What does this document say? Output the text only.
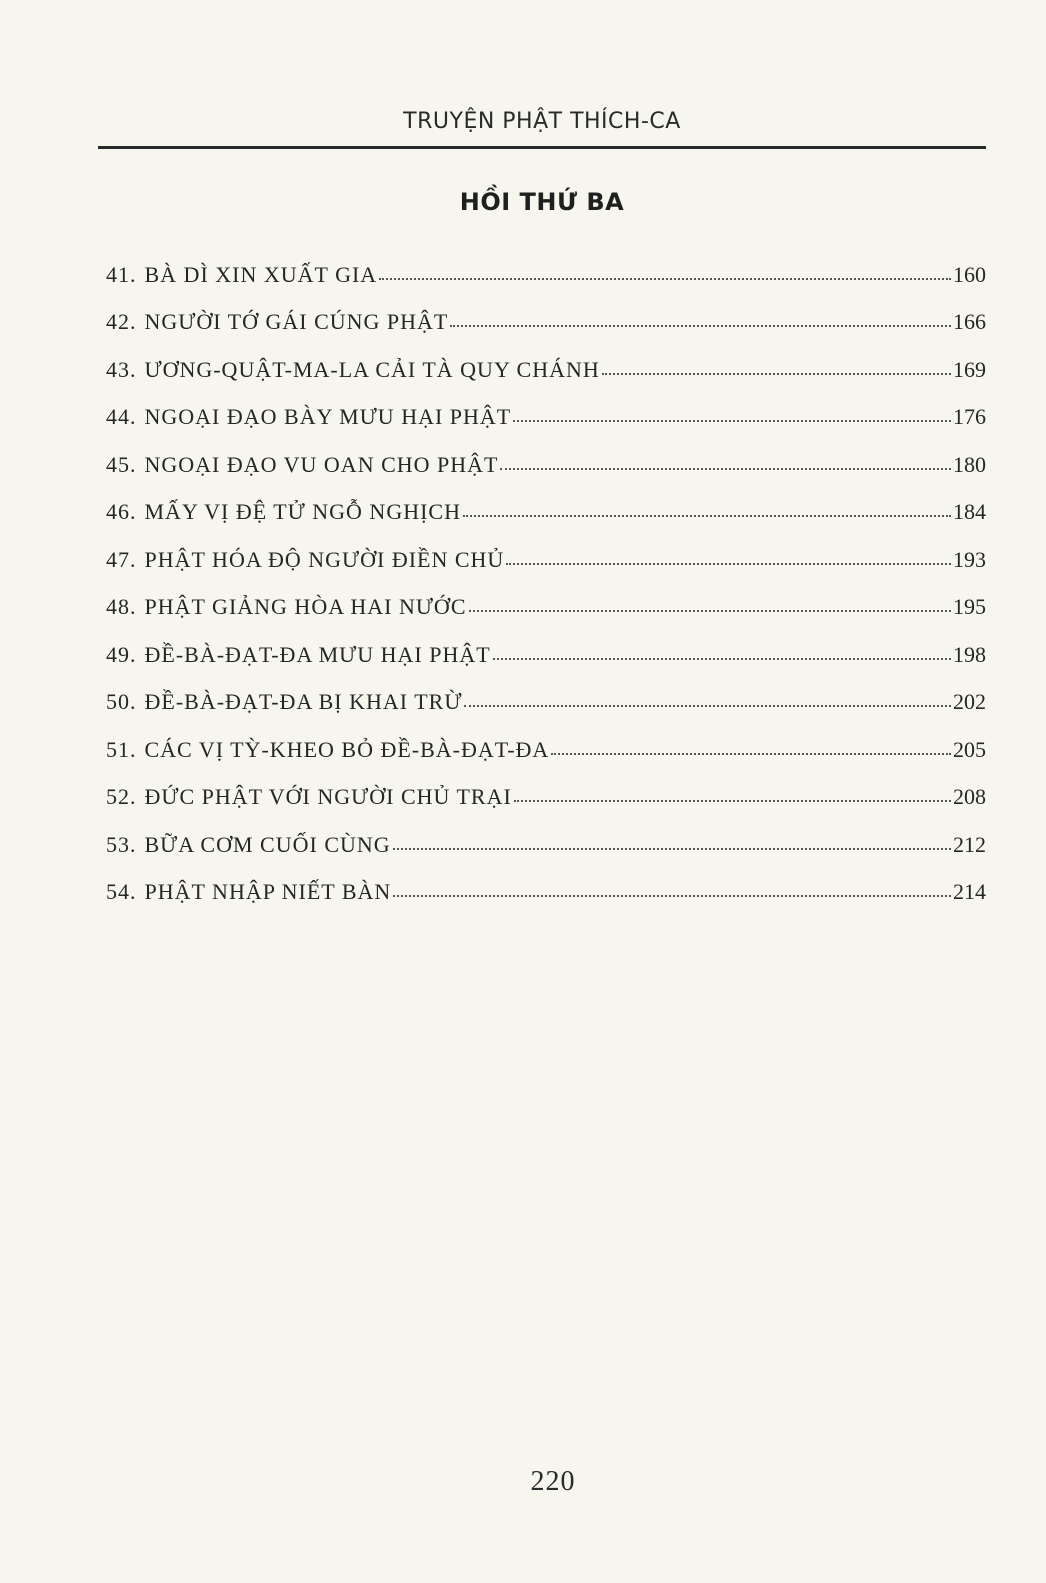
TRUYỆN PHẬT THÍCH-CA
HỒI THỨ BA
41. BÀ DÌ XIN XUẤT GIA	160
42. NGƯỜI TỚ GÁI CÚNG PHẬT	166
43. ƯƠNG-QUẬT-MA-LA CẢI TÀ QUY CHÁNH	169
44. NGOẠI ĐẠO BÀY MƯU HẠI PHẬT	176
45. NGOẠI ĐẠO VU OAN CHO PHẬT	180
46. MẤY VỊ ĐỆ TỬ NGỖ NGHỊCH	184
47. PHẬT HÓA ĐỘ NGƯỜI ĐIỀN CHỦ	193
48. PHẬT GIẢNG HÒA HAI NƯỚC	195
49. ĐỀ-BÀ-ĐẠT-ĐA MƯU HẠI PHẬT	198
50. ĐỀ-BÀ-ĐẠT-ĐA BỊ KHAI TRỪ	202
51. CÁC VỊ TỲ-KHEO BỎ ĐỀ-BÀ-ĐẠT-ĐA	205
52. ĐỨC PHẬT VỚI NGƯỜI CHỦ TRẠI	208
53. BỮA CƠM CUỐI CÙNG	212
54. PHẬT NHẬP NIẾT BÀN	214
220
